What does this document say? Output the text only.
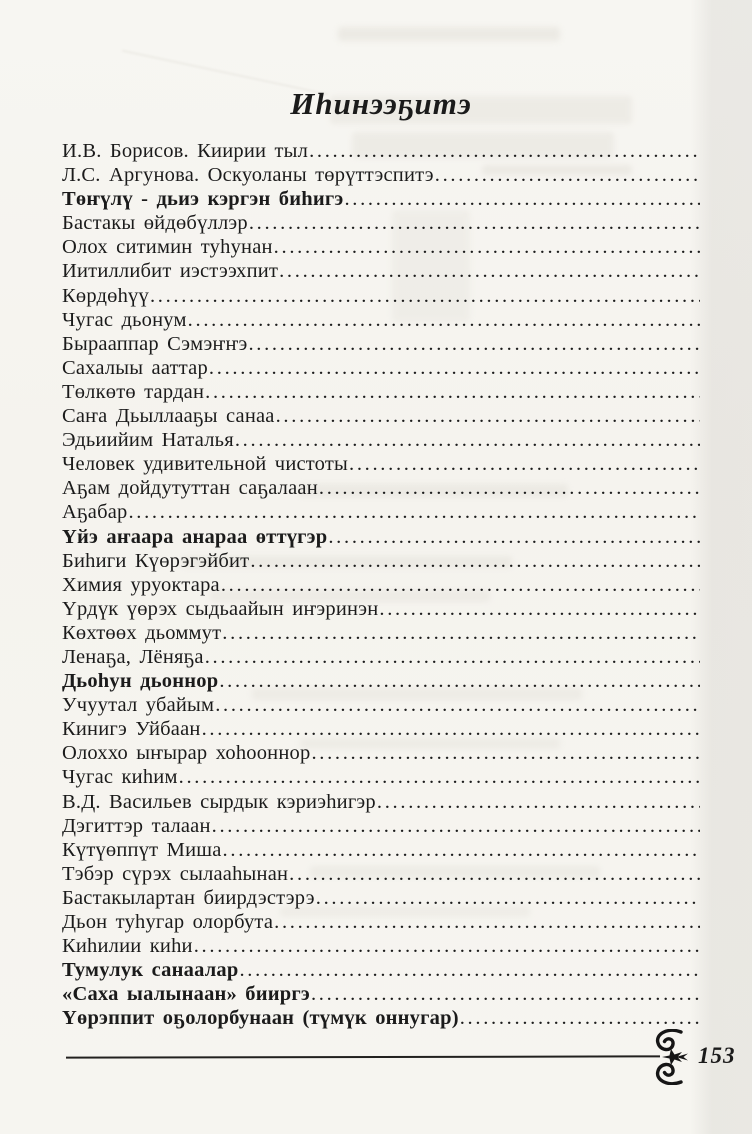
Иһинээҕитэ
И.В. Борисов. Киирии тыл
.....
Л.С. Аргунова. Оскуоланы төрүттэспитэ
.....
Төҥүлү - дьиэ кэргэн биһигэ
.....
Бастакы өйдөбүллэр
.....
Олох ситимин туһунан
.....
Иитиллибит иэстээхпит
.....
Көрдөһүү
.....
Чугас дьонум
.....
Бырааппар Сэмэҥҥэ
.....
Сахалыы ааттар
.....
Төлкөтө тардан
.....
Саҥа Дьыллааҕы санаа
.....
Эдьиийим Наталья
.....
Человек удивительной чистоты
.....
Аҕам дойдутуттан саҕалаан
.....
Аҕабар
.....
Үйэ аҥаара анараа өттүгэр
.....
Биһиги Күөрэгэйбит
.....
Химия уруоктара
.....
Үрдүк үөрэх сыдьаайын иҥэринэн
.....
Көхтөөх дьоммут
.....
Ленаҕа, Лёняҕа
.....
Дьоһун дьоннор
.....
Учуутал убайым
.....
Кинигэ Уйбаан
.....
Олоххо ыҥырар хоһооннор
.....
Чугас киһим
.....
В.Д. Васильев сырдык кэриэһигэр
.....
Дэгиттэр талаан
.....
Күтүөппүт Миша
.....
Тэбэр сүрэх сылааһынан
.....
Бастакылартан биирдэстэрэ
.....
Дьон туһугар олорбута
.....
Киһилии киһи
.....
Тумулук санаалар
.....
«Саха ыалынаан» бииргэ
.....
Үөрэппит оҕолорбунаан (түмүк оннугар)
.....
153
